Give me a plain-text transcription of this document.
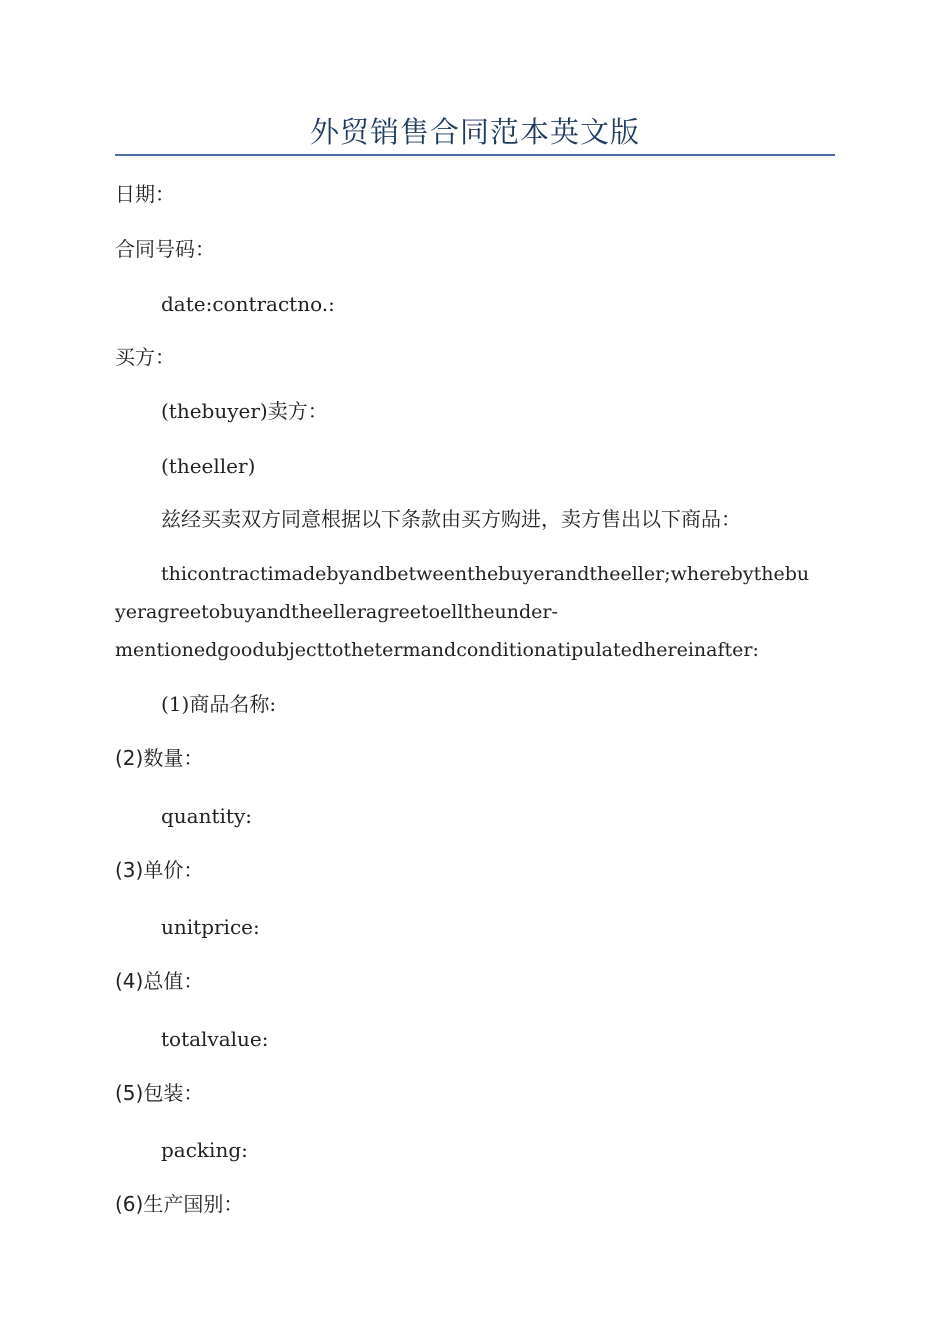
外贸销售合同范本英文版
日期：
合同号码：
date:contractno.:
买方：
(thebuyer)卖方：
(theeller)
兹经买卖双方同意根据以下条款由买方购进，卖方售出以下商品：
thicontractimadebyandbetweenthebuyerandtheeller;wherebythebu
yeragreetobuyandtheelleragreetoelltheunder-
mentionedgoodubjecttothetermandconditionatipulatedhereinafter:
(1)商品名称:
(2)数量：
quantity:
(3)单价：
unitprice:
(4)总值：
totalvalue:
(5)包装：
packing:
(6)生产国别：
